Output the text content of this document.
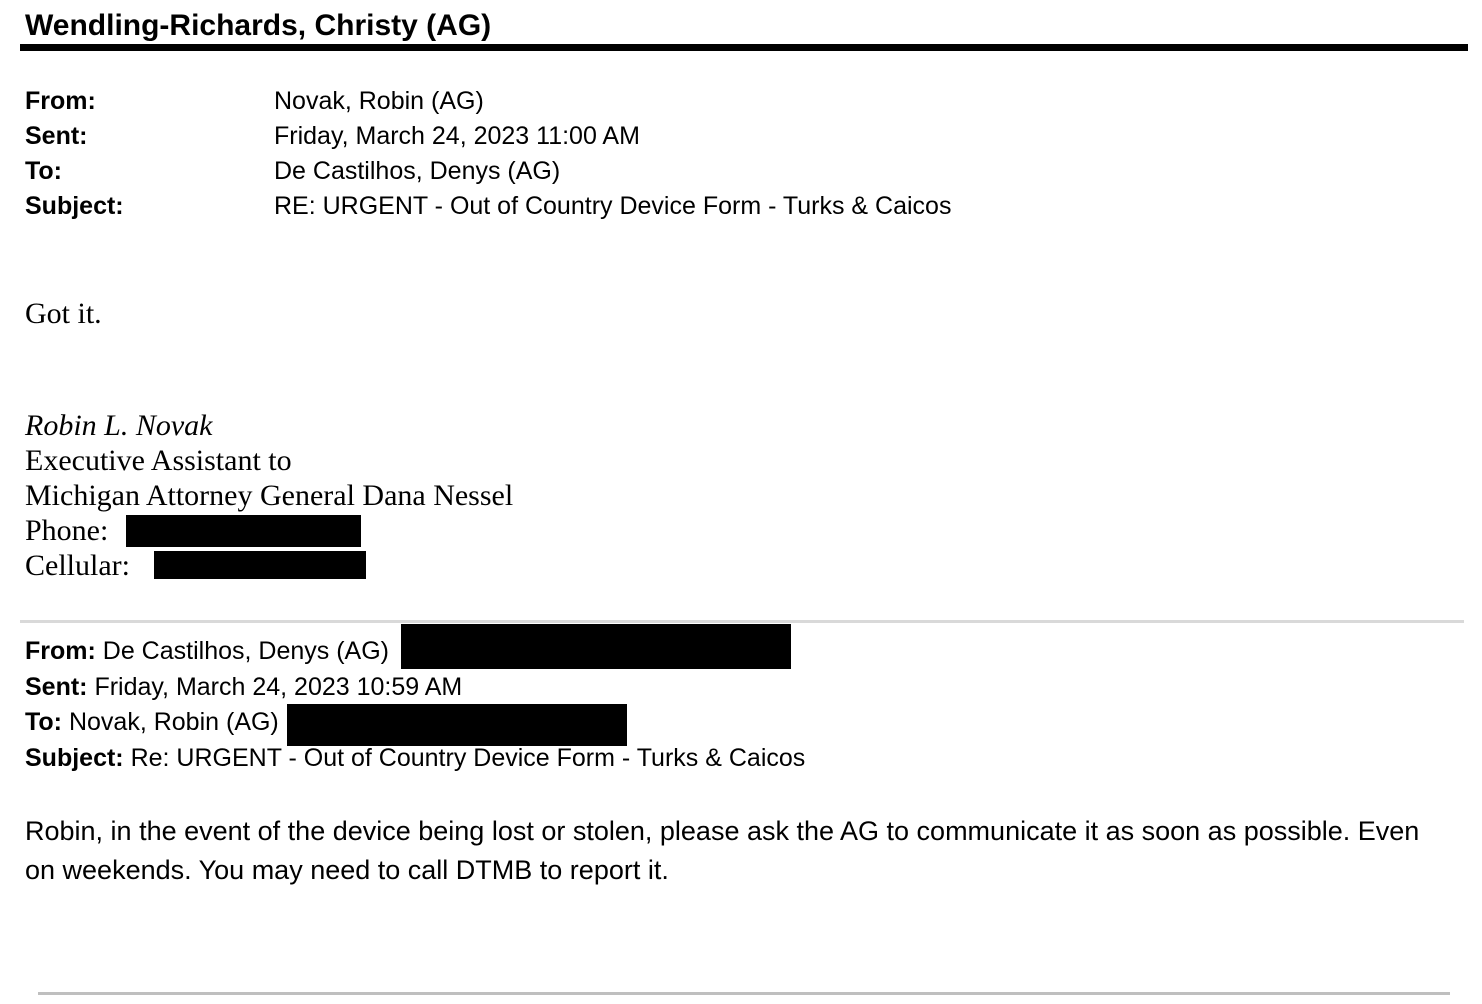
Wendling-Richards, Christy (AG)
From:	Novak, Robin (AG)
Sent:	Friday, March 24, 2023 11:00 AM
To:	De Castilhos, Denys (AG)
Subject:	RE: URGENT - Out of Country Device Form - Turks & Caicos
Got it.
Robin L. Novak
Executive Assistant to
Michigan Attorney General Dana Nessel
Phone:
Cellular:
From: De Castilhos, Denys (AG)
Sent: Friday, March 24, 2023 10:59 AM
To: Novak, Robin (AG)
Subject: Re: URGENT - Out of Country Device Form - Turks & Caicos
Robin, in the event of the device being lost or stolen, please ask the AG to communicate it as soon as possible. Even on weekends. You may need to call DTMB to report it.
